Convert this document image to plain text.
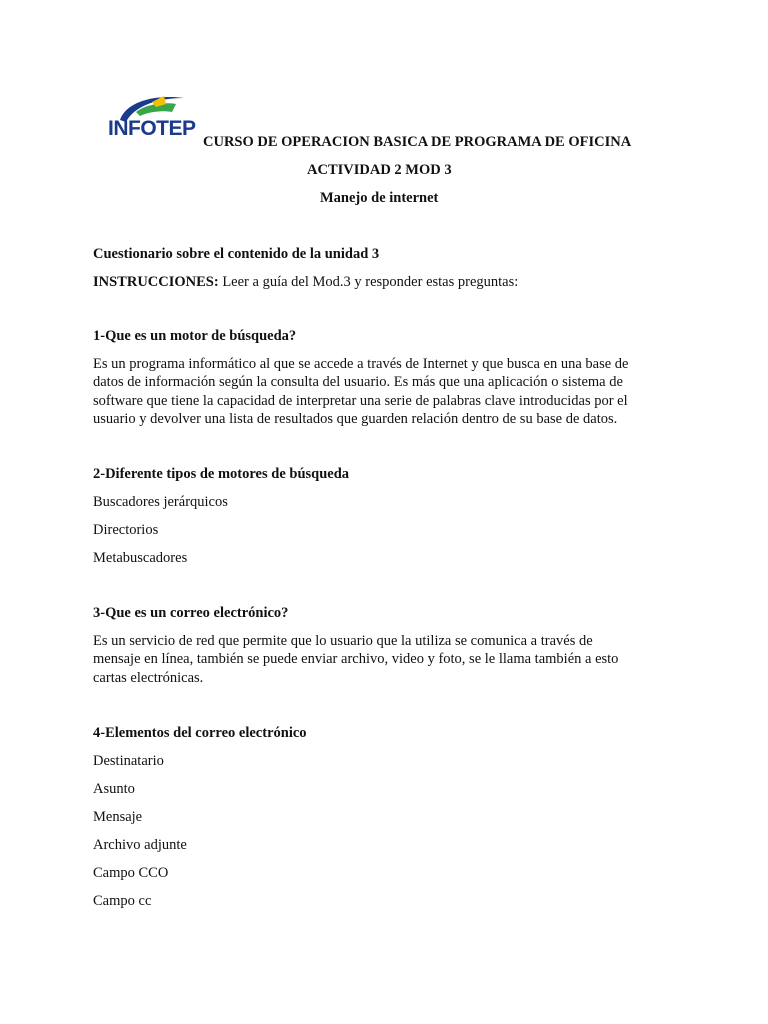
INFOTEP
CURSO DE OPERACION BASICA DE PROGRAMA DE OFICINA
ACTIVIDAD 2 MOD 3
Manejo de internet
Cuestionario sobre el contenido de la unidad 3
INSTRUCCIONES: Leer a guía del Mod.3 y responder estas preguntas:
1-Que es un motor de búsqueda?
Es un programa informático al que se accede a través de Internet y que busca en una base de
datos de información según la consulta del usuario. Es más que una aplicación o sistema de
software que tiene la capacidad de interpretar una serie de palabras clave introducidas por el
usuario y devolver una lista de resultados que guarden relación dentro de su base de datos.
2-Diferente tipos de motores de búsqueda
Buscadores jerárquicos
Directorios
Metabuscadores
3-Que es un correo electrónico?
Es un servicio de red que permite que lo usuario que la utiliza se comunica a través de
mensaje en línea, también se puede enviar archivo, video y foto, se le llama también a esto
cartas electrónicas.
4-Elementos del correo electrónico
Destinatario
Asunto
Mensaje
Archivo adjunte
Campo CCO
Campo cc
